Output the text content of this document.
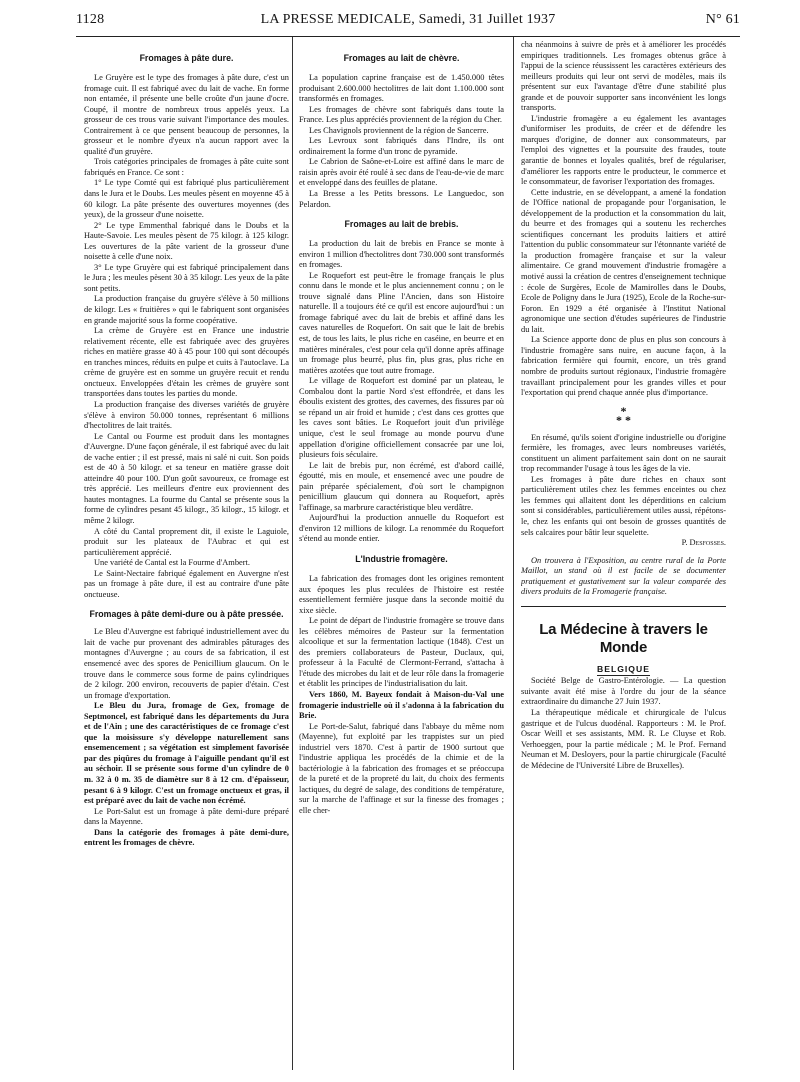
1128	LA PRESSE MEDICALE, Samedi, 31 Juillet 1937	N° 61
Fromages à pâte dure.

Le Gruyère est le type des fromages à pâte dure, c'est un fromage cuit. Il est fabriqué avec du lait de vache. En forme non entamée, il présente une belle croûte d'un jaune d'ocre. Coupé, il montre de nombreux trous appelés yeux. La grosseur de ces trous varie suivant l'importance des moules. Contrairement à ce que pensent beaucoup de personnes, la grosseur et le nombre d'yeux n'a aucun rapport avec la qualité d'un gruyère.

Trois catégories principales de fromages à pâte cuite sont fabriqués en France. Ce sont :

1° Le type Comté qui est fabriqué plus particulièrement dans le Jura et le Doubs. Les meules pèsent en moyenne 45 à 60 kilogr. La pâte présente des ouvertures moyennes (des yeux), de la grosseur d'une noisette.

2° Le type Emmenthal fabriqué dans le Doubs et la Haute-Savoie. Les meules pèsent de 75 kilogr. à 125 kilogr. Les ouvertures de la pâte varient de la grosseur d'une noisette à celle d'une noix.

3° Le type Gruyère qui est fabriqué principalement dans le Jura ; les meules pèsent 30 à 35 kilogr. Les yeux de la pâte sont petits.

La production française du gruyère s'élève à 50 millions de kilogr. Les « fruitières » qui le fabriquent sont organisées en grande majorité sous la forme coopérative.

La crème de Gruyère est en France une industrie relativement récente, elle est fabriquée avec des gruyères riches en matière grasse 40 à 45 pour 100 qui sont découpés en tranches minces, réduits en pulpe et cuits à l'autoclave. La crème de gruyère est en somme un gruyère recuit et rendu onctueux. Enveloppées d'étain les crèmes de gruyère sont transportées dans toutes les parties du monde.

La production française des diverses variétés de gruyère s'élève à environ 50.000 tonnes, représentant 6 millions d'hectolitres de lait traités.

Le Cantal ou Fourme est produit dans les montagnes d'Auvergne. D'une façon générale, il est fabriqué avec du lait de vache entier ; il est pressé, mais ni salé ni cuit. Son poids est de 40 à 50 kilogr. et sa teneur en matière grasse doit atteindre 40 pour 100. D'un goût savoureux, ce fromage est très apprécié. Les meilleurs d'entre eux proviennent des hautes montagnes. La fourme du Cantal se présente sous la forme de cylindres pesant 45 kilogr., 35 kilogr., 15 kilogr. et même 2 kilogr.

A côté du Cantal proprement dit, il existe le Laguiole, produit sur les plateaux de l'Aubrac et qui est particulièrement apprécié.

Une variété de Cantal est la Fourme d'Ambert.

Le Saint-Nectaire fabriqué également en Auvergne n'est pas un fromage à pâte dure, il est au contraire d'une pâte onctueuse.

Fromages à pâte demi-dure ou à pâte pressée.

Le Bleu d'Auvergne est fabriqué industriellement avec du lait de vache pur provenant des admirables pâturages des montagnes d'Auvergne ; au cours de sa fabrication, il est ensemencé avec des spores de Penicillium glaucum. On le trouve dans le commerce sous forme de pains cylindriques de 2 kilogr. 200 environ, recouverts de papier d'étain. C'est un fromage d'exportation.

Le Bleu du Jura, fromage de Gex, fromage de Septmoncel, est fabriqué dans les départements du Jura et de l'Ain ; une des caractéristiques de ce fromage c'est que la moisissure s'y développe naturellement sans ensemencement ; sa végétation est simplement favorisée par des piqûres du fromage à l'aiguille pendant qu'il est au séchoir. Il se présente sous forme d'un cylindre de 0 m. 32 à 0 m. 35 de diamètre sur 8 à 12 cm. d'épaisseur, pesant 6 à 9 kilogr. C'est un fromage onctueux et gras, il est préparé avec du lait de vache non écrémé.

Le Port-Salut est un fromage à pâte demi-dure préparé dans la Mayenne.

Dans la catégorie des fromages à pâte demi-dure, entrent les fromages de chèvre.

Fromages au lait de chèvre.

La population caprine française est de 1.450.000 têtes produisant 2.600.000 hectolitres de lait dont 1.100.000 sont transformés en fromages.

Les fromages de chèvre sont fabriqués dans toute la France. Les plus appréciés proviennent de la région du Cher.

Les Chavignols proviennent de la région de Sancerre.

Les Levroux sont fabriqués dans l'Indre, ils ont ordinairement la forme d'un tronc de pyramide.

Le Cabrion de Saône-et-Loire est affiné dans le marc de raisin après avoir été roulé à sec dans de l'eau-de-vie de marc et enveloppé dans des feuilles de platane.

La Bresse a les Petits bressons. Le Languedoc, son Pelardon.

Fromages au lait de brebis.

La production du lait de brebis en France se monte à environ 1 million d'hectolitres dont 730.000 sont transformés en fromages.

Le Roquefort est peut-être le fromage français le plus connu dans le monde et le plus anciennement connu ; on le trouve signalé dans Pline l'Ancien, dans son Histoire naturelle. Il a toujours été ce qu'il est encore aujourd'hui : un fromage fabriqué avec du lait de brebis et affiné dans les caves naturelles de Roquefort. On sait que le lait de brebis est, de tous les laits, le plus riche en caséine, en beurre et en matières minérales, c'est pour cela qu'il donne après affinage un fromage plus beurré, plus fin, plus gras, plus riche en matières azotées que tout autre fromage.

Le village de Roquefort est dominé par un plateau, le Combalou dont la partie Nord s'est effondrée, et dans les éboulis existent des grottes, des cavernes, des fissures par où se répand un air froid et humide ; c'est dans ces grottes que les caves sont bâties. Le Roquefort jouit d'un privilège unique, c'est le seul fromage au monde pourvu d'une appellation d'origine officiellement consacrée par une loi, plusieurs fois séculaire.

Le lait de brebis pur, non écrémé, est d'abord caillé, égoutté, mis en moule, et ensemencé avec une poudre de pain préparée spécialement, d'où sort le champignon penicillium glaucum qui donnera au Roquefort, après l'affinage, sa marbrure caractéristique bleu verdâtre.

Aujourd'hui la production annuelle du Roquefort est d'environ 12 millions de kilogr. La renommée du Roquefort s'étend au monde entier.

L'Industrie fromagère.

La fabrication des fromages dont les origines remontent aux époques les plus reculées de l'histoire est restée essentiellement fermière jusque dans la seconde moitié du xixe siècle.

Le point de départ de l'industrie fromagère se trouve dans les célèbres mémoires de Pasteur sur la fermentation alcoolique et sur la fermentation lactique (1848). C'est un des premiers collaborateurs de Pasteur, Duclaux, qui, professeur à la Faculté de Clermont-Ferrand, s'attacha à l'étude des microbes du lait et de leur rôle dans la fromagerie et établit les principes de l'industrialisation du lait.

Vers 1860, M. Bayeux fondait à Maison-du-Val une fromagerie industrielle où il s'adonna à la fabrication du Brie.

Le Port-de-Salut, fabriqué dans l'abbaye du même nom (Mayenne), fut exploité par les trappistes sur un pied industriel vers 1870. C'est à partir de 1900 surtout que l'industrie appliqua les procédés de la chimie et de la bactériologie à la fabrication des fromages et se préoccupa de la pureté et de la propreté du lait, du choix des ferments lactiques, du degré de salage, des conditions de température, sur la marche de l'affinage et sur la finesse des fromages ; elle cher-

cha néanmoins à suivre de près et à améliorer les procédés empiriques traditionnels. Les fromages obtenus grâce à l'appui de la science réussissent les caractères extérieurs des meilleurs produits qui leur ont servi de modèles, mais ils présentent sur eux l'avantage d'être d'une stabilité plus grande et de pouvoir supporter sans inconvénient les longs transports.

L'industrie fromagère a eu également les avantages d'uniformiser les produits, de créer et de défendre les marques d'origine, de donner aux consommateurs, par l'emploi des vignettes et la poursuite des fraudes, toute garantie de bonnes et loyales qualités, bref de régulariser, d'améliorer les rapports entre le producteur, le commerce et le consommateur, de favoriser l'exportation des fromages.

Cette industrie, en se développant, a amené la fondation de l'Office national de propagande pour l'organisation, le développement de la production et la consommation du lait, du beurre et des fromages qui a soutenu les recherches scientifiques concernant les produits laitiers et attiré l'attention du public consommateur sur l'étonnante variété de la production fromagère française et sur la valeur alimentaire. Ce grand mouvement d'industrie fromagère a motivé aussi la création de centres d'enseignement technique : école de Surgères, Ecole de Mamirolles dans le Doubs, Ecole de Poligny dans le Jura (1925), Ecole de la Roche-sur-Foron. En 1929 a été organisée à l'Institut National agronomique une section d'études supérieures de l'industrie du lait.

La Science apporte donc de plus en plus son concours à l'industrie fromagère sans nuire, en aucune façon, à la fabrication fermière qui fournit, encore, un très grand nombre de produits surtout régionaux, l'industrie fromagère travaillant principalement pour les grandes villes et pour l'exportation qui prend chaque année plus d'importance.

*
* *

En résumé, qu'ils soient d'origine industrielle ou d'origine fermière, les fromages, avec leurs nombreuses variétés, constituent un aliment parfaitement sain dont on ne saurait trop recommander l'usage à tous les âges de la vie.

Les fromages à pâte dure riches en chaux sont particulièrement utiles chez les femmes enceintes ou chez les femmes qui allaitent dont les déperditions en calcium sont si considérables, particulièrement utiles aussi, répétons-le, chez les enfants qui ont besoin de grosses quantités de sels calcaires pour bâtir leur squelette.

P. Desfosses.

On trouvera à l'Exposition, au centre rural de la Porte Maillot, un stand où il est facile de se documenter pratiquement et gustativement sur la valeur comparée des divers produits de la Fromagerie française.

La Médecine à travers le Monde
BELGIQUE

Société Belge de Gastro-Entérologie. — La question suivante avait été mise à l'ordre du jour de la séance extraordinaire du dimanche 27 Juin 1937.

La thérapeutique médicale et chirurgicale de l'ulcus gastrique et de l'ulcus duodénal. Rapporteurs : M. le Prof. Oscar Weill et ses assistants, MM. R. Le Cluyse et Rob. Verhoeggen, pour la partie médicale ; M. le Prof. Fernand Neuman et M. Desloyers, pour la partie chirurgicale (Faculté de Médecine de l'Université Libre de Bruxelles).
